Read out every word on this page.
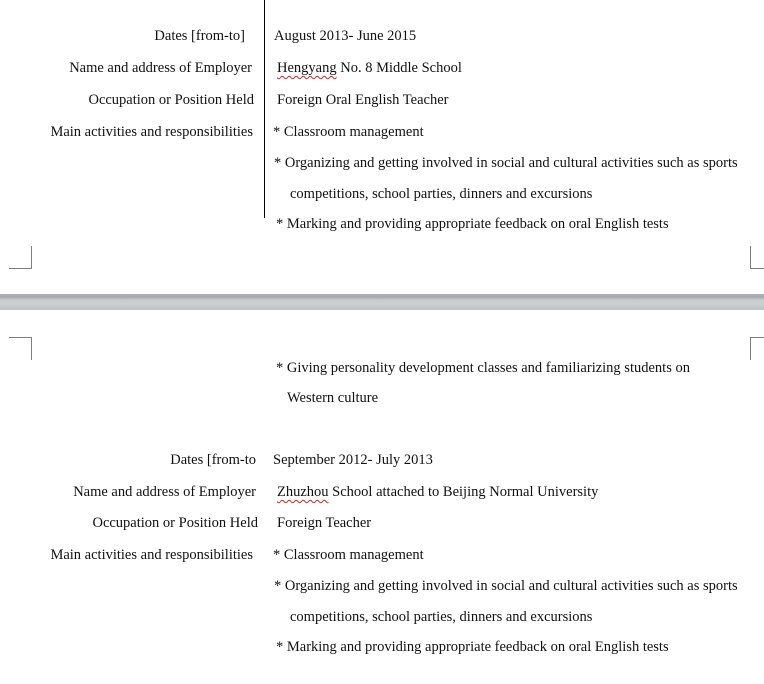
Dates [from-to] August 2013- June 2015
Name and address of Employer Hengyang No. 8 Middle School
Occupation or Position Held Foreign Oral English Teacher
Main activities and responsibilities * Classroom management
* Organizing and getting involved in social and cultural activities such as sports
competitions, school parties, dinners and excursions
* Marking and providing appropriate feedback on oral English tests
* Giving personality development classes and familiarizing students on
Western culture
Dates [from-to September 2012- July 2013
Name and address of Employer Zhuzhou School attached to Beijing Normal University
Occupation or Position Held Foreign Teacher
Main activities and responsibilities * Classroom management
* Organizing and getting involved in social and cultural activities such as sports
competitions, school parties, dinners and excursions
* Marking and providing appropriate feedback on oral English tests
